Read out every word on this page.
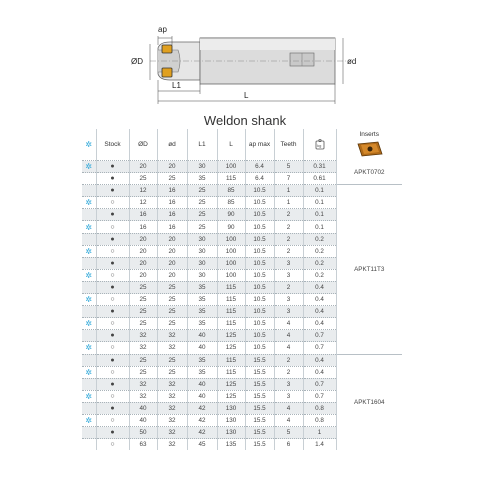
ap
ØD	ød
L1
L
Weldon shank
✲	Stock	ØD	ød	L1	L	ap max	Teeth	kg	Inserts

✲	●	20	20	30	100	6.4	5	0.31	APKT0702
	●	25	25	35	115	6.4	7	0.61	
	●	12	16	25	85	10.5	1	0.1	APKT11T3
✲	○	12	16	25	85	10.5	1	0.1	
	●	16	16	25	90	10.5	2	0.1	
✲	○	16	16	25	90	10.5	2	0.1	
	●	20	20	30	100	10.5	2	0.2	
✲	○	20	20	30	100	10.5	2	0.2	
	●	20	20	30	100	10.5	3	0.2	
✲	○	20	20	30	100	10.5	3	0.2	
	●	25	25	35	115	10.5	2	0.4	
✲	○	25	25	35	115	10.5	3	0.4	
	●	25	25	35	115	10.5	3	0.4	
✲	○	25	25	35	115	10.5	4	0.4	
	●	32	32	40	125	10.5	4	0.7	
✲	○	32	32	40	125	10.5	4	0.7	
	●	25	25	35	115	15.5	2	0.4	APKT1604
✲	○	25	25	35	115	15.5	2	0.4	
	●	32	32	40	125	15.5	3	0.7	
✲	○	32	32	40	125	15.5	3	0.7	
	●	40	32	42	130	15.5	4	0.8	
✲	○	40	32	42	130	15.5	4	0.8	
	●	50	32	42	130	15.5	5	1	
	○	63	32	45	135	15.5	6	1.4	
